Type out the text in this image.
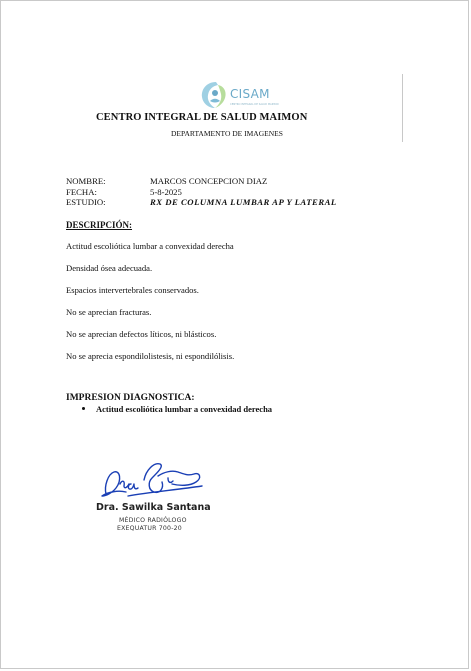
CISAM
CENTRO INTEGRAL DE SALUD MAIMON
CENTRO INTEGRAL DE SALUD MAIMON
DEPARTAMENTO DE IMAGENES
NOMBRE:	MARCOS CONCEPCION DIAZ
FECHA:	5-8-2025
ESTUDIO:	RX DE COLUMNA LUMBAR AP Y LATERAL
DESCRIPCIÓN:
Actitud escoliótica lumbar a convexidad derecha
Densidad ósea adecuada.
Espacios intervertebrales conservados.
No se aprecian fracturas.
No se aprecian defectos líticos, ni blásticos.
No se aprecia espondilolistesis, ni espondilólisis.
IMPRESION DIAGNOSTICA:
Actitud escoliótica lumbar a convexidad derecha
Dra. Sawilka Santana
MÉDICO RADIÓLOGO
EXEQUATUR 700-20
